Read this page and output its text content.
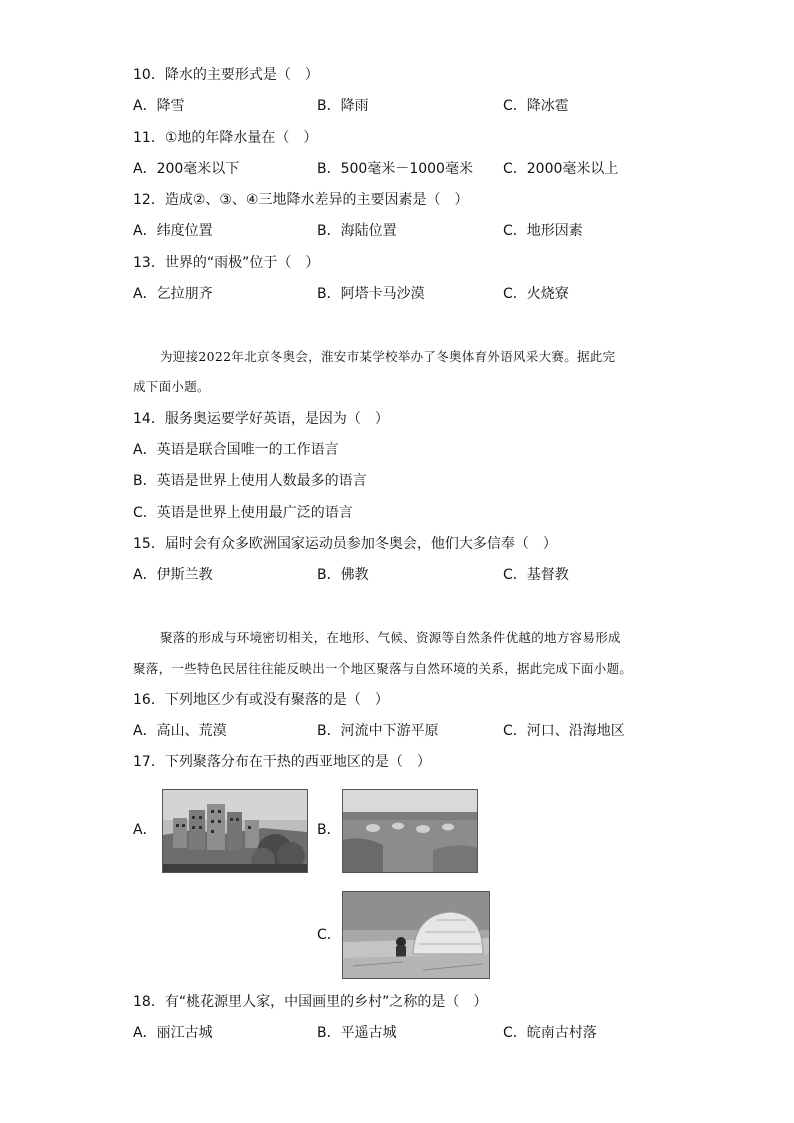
10．降水的主要形式是（　）
A．降雪	B．降雨	C．降冰雹
11．①地的年降水量在（　）
A．200毫米以下	B．500毫米－1000毫米 C．2000毫米以上
12．造成②、③、④三地降水差异的主要因素是（　）
A．纬度位置	B．海陆位置	C．地形因素
13．世界的“雨极”位于（　）
A．乞拉朋齐	B．阿塔卡马沙漠	C．火烧寮
为迎接2022年北京冬奥会，淮安市某学校举办了冬奥体育外语风采大赛。据此完
成下面小题。
14．服务奥运要学好英语，是因为（　）
A．英语是联合国唯一的工作语言
B．英语是世界上使用人数最多的语言
C．英语是世界上使用最广泛的语言
15．届时会有众多欧洲国家运动员参加冬奥会，他们大多信奉（　）
A．伊斯兰教	B．佛教	C．基督教
聚落的形成与环境密切相关，在地形、气候、资源等自然条件优越的地方容易形成
聚落，一些特色民居往往能反映出一个地区聚落与自然环境的关系，据此完成下面小题。
16．下列地区少有或没有聚落的是（　）
A．高山、荒漠	B．河流中下游平原	C．河口、沿海地区
17．下列聚落分布在干热的西亚地区的是（　）
A．	B．
C．
18．有“桃花源里人家，中国画里的乡村”之称的是（　）
A．丽江古城	B．平遥古城	C．皖南古村落
